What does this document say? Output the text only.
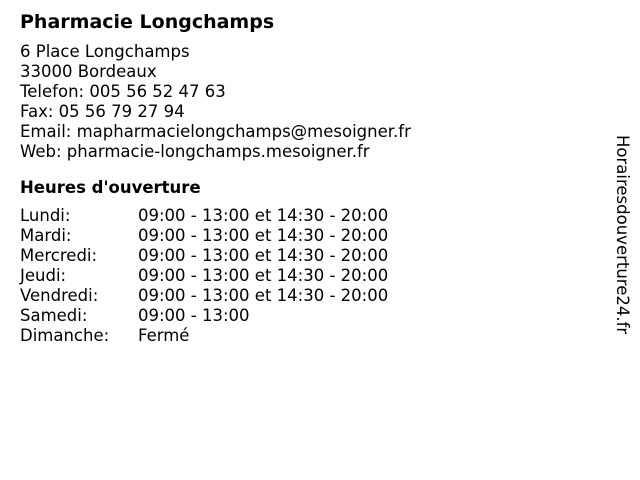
Pharmacie Longchamps
6 Place Longchamps
33000 Bordeaux
Telefon: 005 56 52 47 63
Fax: 05 56 79 27 94
Email: mapharmacielongchamps@mesoigner.fr
Web: pharmacie-longchamps.mesoigner.fr
Heures d'ouverture
Lundi:	09:00 - 13:00 et 14:30 - 20:00
Mardi:	09:00 - 13:00 et 14:30 - 20:00
Mercredi:	09:00 - 13:00 et 14:30 - 20:00
Jeudi:	09:00 - 13:00 et 14:30 - 20:00
Vendredi:	09:00 - 13:00 et 14:30 - 20:00
Samedi:	09:00 - 13:00
Dimanche:	Fermé
Horairesdouverture24.fr
